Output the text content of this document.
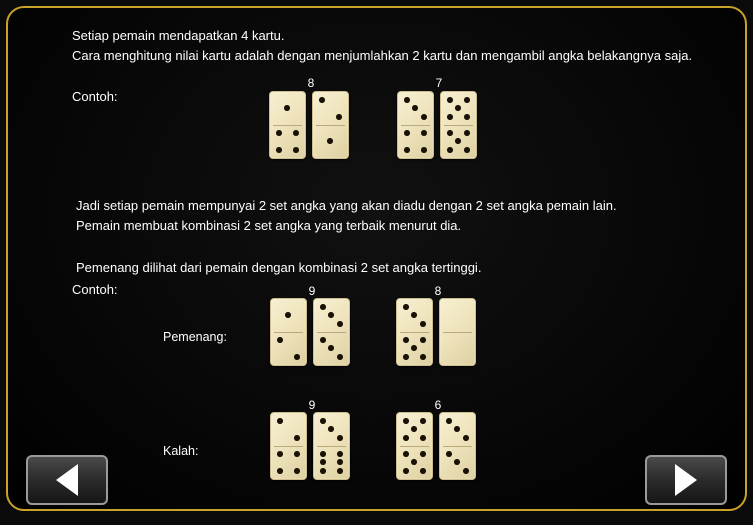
Setiap pemain mendapatkan 4 kartu.
Cara menghitung nilai kartu adalah dengan menjumlahkan 2 kartu dan mengambil angka belakangnya saja.
Contoh:
8	7
Jadi setiap pemain mempunyai 2 set angka yang akan diadu dengan 2 set angka pemain lain.
Pemain membuat kombinasi 2 set angka yang terbaik menurut dia.
Pemenang dilihat dari pemain dengan kombinasi 2 set angka tertinggi.
Contoh:
Pemenang:
9	8
Kalah:
9	6
